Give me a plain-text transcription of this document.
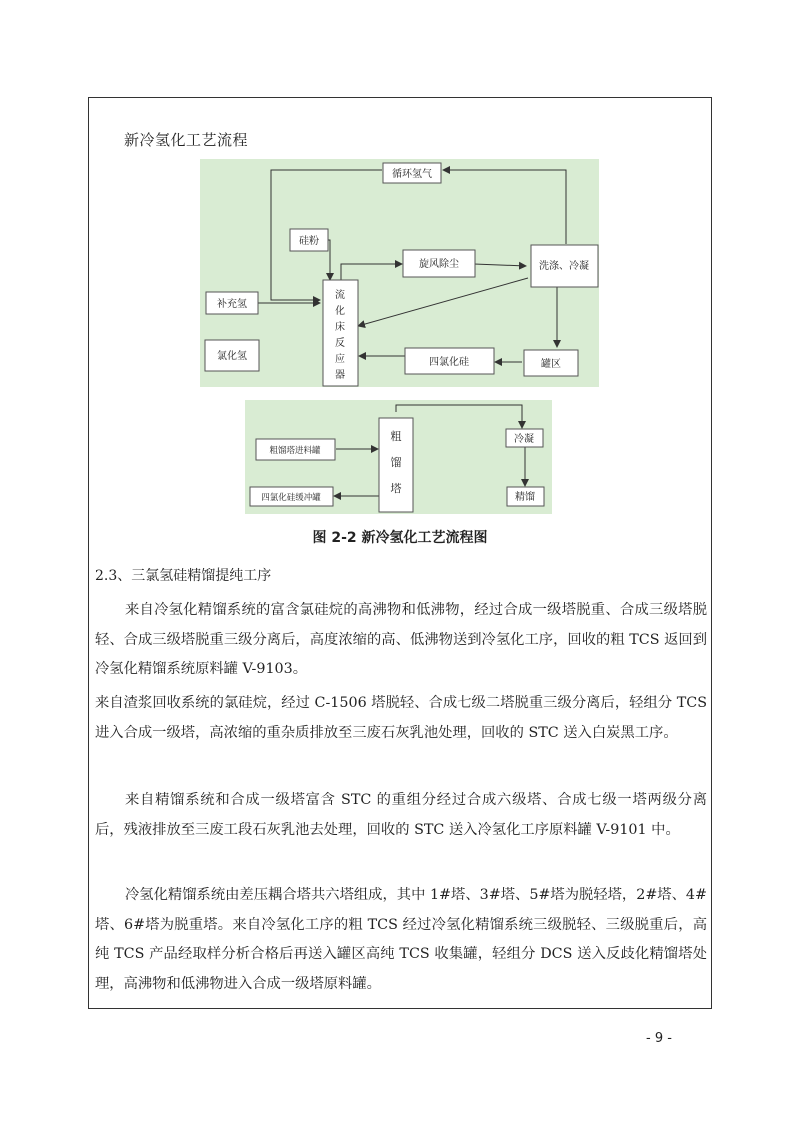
新冷氢化工艺流程
循环氢气
硅粉
旋风除尘	洗涤、冷凝
补充氢
流化床反应器
氯化氢
四氯化硅	罐区
粗馏塔进料罐
粗馏塔
冷凝
四氯化硅缓冲罐	精馏
图 2-2 新冷氢化工艺流程图
2.3、三氯氢硅精馏提纯工序

来自冷氢化精馏系统的富含氯硅烷的高沸物和低沸物，经过合成一级塔脱重、合成三级塔脱轻、合成三级塔脱重三级分离后，高度浓缩的高、低沸物送到冷氢化工序，回收的粗 TCS 返回到冷氢化精馏系统原料罐 V-9103。

来自渣浆回收系统的氯硅烷，经过 C-1506 塔脱轻、合成七级二塔脱重三级分离后，轻组分 TCS 进入合成一级塔，高浓缩的重杂质排放至三废石灰乳池处理，回收的 STC 送入白炭黑工序。

来自精馏系统和合成一级塔富含 STC 的重组分经过合成六级塔、合成七级一塔两级分离后，残液排放至三废工段石灰乳池去处理，回收的 STC 送入冷氢化工序原料罐 V-9101 中。

冷氢化精馏系统由差压耦合塔共六塔组成，其中 1#塔、3#塔、5#塔为脱轻塔，2#塔、4#塔、6#塔为脱重塔。来自冷氢化工序的粗 TCS 经过冷氢化精馏系统三级脱轻、三级脱重后，高纯 TCS 产品经取样分析合格后再送入罐区高纯 TCS 收集罐，轻组分 DCS 送入反歧化精馏塔处理，高沸物和低沸物进入合成一级塔原料罐。

- 9 -
